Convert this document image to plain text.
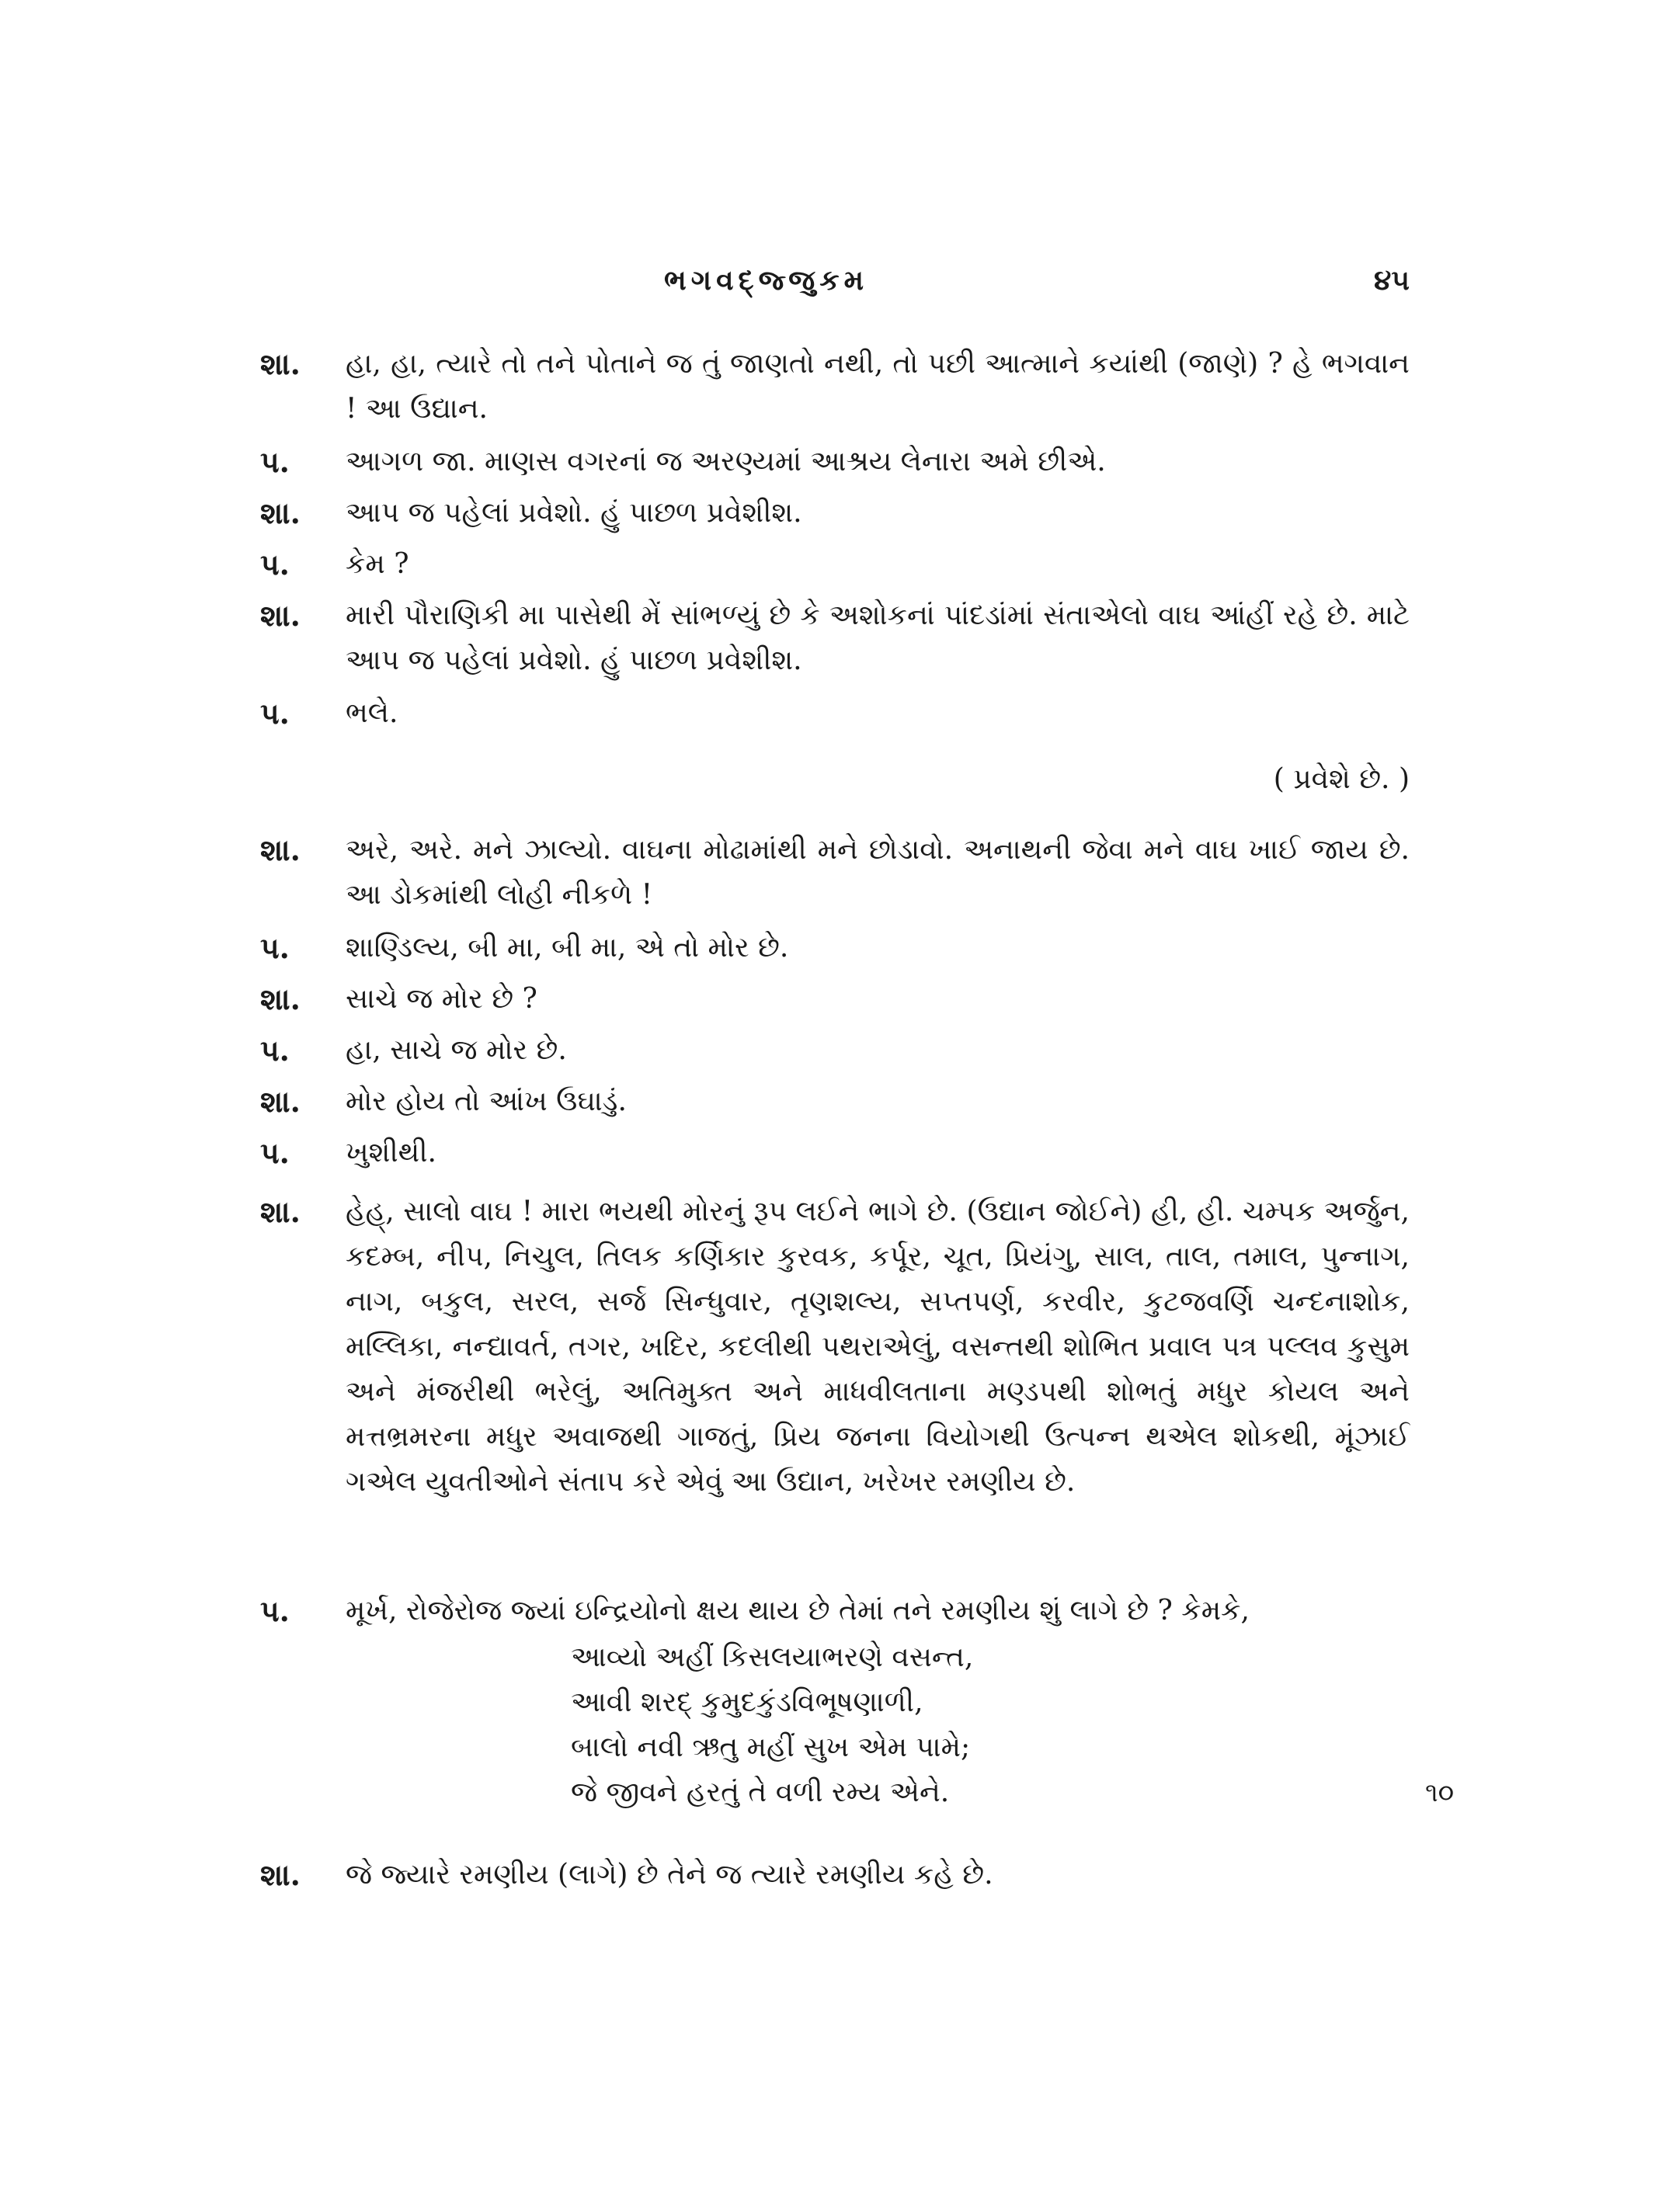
ભગવદ્જ્જુકમ	૪૫
શા.	હા, હા, ત્યારે તો તને પોતાને જ તું જાણતો નથી, તો પછી આત્માને કયાંથી (જાણે) ? હે ભગવાન ! આ ઉદ્યાન.
પ.	આગળ જા. માણસ વગરનાં જ અરણ્યમાં આશ્રય લેનારા અમે છીએ.
શા.	આપ જ પહેલાં પ્રવેશો. હું પાછળ પ્રવેશીશ.
પ.	કેમ ?
શા.	મારી પૌરાણિકી મા પાસેથી મેં સાંભળ્યું છે કે અશોકનાં પાંદડાંમાં સંતાએલો વાઘ આંહીં રહે છે. માટે આપ જ પહેલાં પ્રવેશો. હું પાછળ પ્રવેશીશ.
પ.	ભલે.
( પ્રવેશે છે. )
શા.	અરે, અરે. મને ઝાલ્યો. વાઘના મોઢામાંથી મને છોડાવો. અનાથની જેવા મને વાઘ ખાઈ જાય છે. આ ડોકમાંથી લોહી નીકળે !
પ.	શાણ્ડિલ્ય, બી મા, બી મા, એ તો મોર છે.
શા.	સાચે જ મોર છે ?
પ.	હા, સાચે જ મોર છે.
શા.	મોર હોય તો આંખ ઉઘાડું.
પ.	ખુશીથી.
શા.	હેહ્, સાલો વાઘ ! મારા ભયથી મોરનું રૂપ લઈને ભાગે છે. (ઉદ્યાન જોઈને) હી, હી. ચમ્પક અર્જુન, કદમ્બ, નીપ, નિચુલ, તિલક કર્ણિકાર કુરવક, કર્પૂર, ચૂત, પ્રિયંગુ, સાલ, તાલ, તમાલ, પુન્નાગ, નાગ, બકુલ, સરલ, સર્જ સિન્ધુવાર, તૃણશલ્ય, સપ્તપર્ણ, કરવીર, કુટજવર્ણિ ચન્દનાશોક, મલ્લિકા, નન્દ્યાવર્ત, તગર, ખદિર, કદલીથી પથરાએલું, વસન્તથી શોભિત પ્રવાલ પત્ર પલ્લવ કુસુમ અને મંજરીથી ભરેલું, અતિમુક્ત અને માધવીલતાના મણ્ડપથી શોભતું મધુર કોયલ અને મત્તભ્રમરના મધુર અવાજથી ગાજતું, પ્રિય જનના વિયોગથી ઉત્પન્ન થએલ શોકથી, મૂંઝાઈ ગએલ યુવતીઓને સંતાપ કરે એવું આ ઉદ્યાન, ખરેખર રમણીય છે.
પ.	મૂર્ખ, રોજેરોજ જ્યાં ઇન્દ્રિયોનો ક્ષય થાય છે તેમાં તને રમણીય શું લાગે છે ? કેમકે,
આવ્યો અહીં કિસલયાભરણે વસન્ત,
આવી શરદ્ કુમુદકુંડવિભૂષણાળી,
બાલો નવી ઋતુ મહીં સુખ એમ પામે;
જે જીવને હરતું તે વળી રમ્ય એને.	૧૦
શા.	જે જ્યારે રમણીય (લાગે) છે તેને જ ત્યારે રમણીય કહે છે.
